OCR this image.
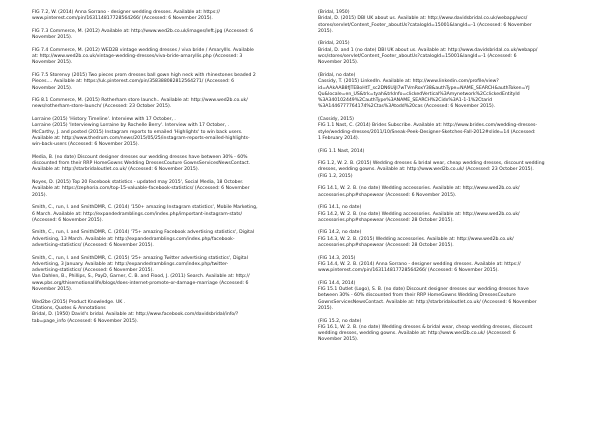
FIG 7.2, W. (2014) Anna Sorrano - designer wedding dresses. Available at: https://
www.pinterest.com/pin/163114817728564266/ (Accessed: 6 November 2015).

FIG 7.3 Commerce, M. (2012) Available at: http://www.wed2b.co.uk/images/left.jpg (Accessed: 6
November 2015).

FIG 7.4 Commerce, M. (2012) WED2B vintage wedding dresses / viva bride / AmaryllIs. Available
at: http://www.wed2b.co.uk/vintage-wedding-dresses/viva-bride-amaryllis.php (Accessed: 3
November 2015).

FIG 7.5 Storenvy (2015) Two pieces prom dresses ball gown high neck with rhinestones beaded 2
Pieces.... Available at: https://uk.pinterest.com/pin/358388082812564271/ (Accessed: 6
November 2015).

FIG 8.1 Commerce, M. (2015) Rotherham store launch.. Available at: http://www.wed2b.co.uk/
news/rotherham-store-launch/ (Accessed: 23 October 2015).

Lorraine (2015) 'History Timeline'. Interview with 17 October, .
Lorraine (2015) 'Interviewing Lorraine by Rochelle Berry'. Interview with 17 October, .
McCarthy, J. and posted (2015) Instagram reports to emailed 'Highlights' to win back users.
Available at: http://www.thedrum.com/news/2015/05/25/instagram-reports-emailed-highlights-
win-back-users (Accessed: 6 November 2015).

Media, B. (no date) Discount designer dresses our wedding dresses have between 30% - 60%
discounted from their RRP HomeGowns Wedding DressesCouture GownsServicesNewsContact.
Available at: http://starbridaloutlet.co.uk/ (Accessed: 6 November 2015).

Noyes, D. (2015) Top 20 Facebook statistics - updated may 2015', Social Media, 18 October.
Available at: https://zephoria.com/top-15-valuable-facebook-statistics/ (Accessed: 6 November
2015).

Smith, C., run, I. and SmithDMR, C. (2014) '150+ amazing Instagram statistics', Mobile Marketing,
6 March. Available at: http://expandedramblings.com/index.php/important-instagram-stats/
(Accessed: 6 November 2015).

Smith, C., run, I. and SmithDMR, C. (2014) '75+ amazing Facebook advertising statistics', Digital
Advertising, 13 March. Available at: http://expandedramblings.com/index.php/facebook-
advertising-statistics/ (Accessed: 6 November 2015).

Smith, C., run, I. and SmithDMR, C. (2015) '25+ amazing Twitter advertising statistics', Digital
Advertising, 3 January. Available at: http://expandedramblings.com/index.php/twitter-
advertising-statistics/ (Accessed: 6 November 2015).
Van Dahlen, B., Phillips, S., PayD, Garner, C. B. and Flood, J. (2011) Search. Available at: http://
www.pbs.org/thisemotionallife/blogs/does-internet-promote-or-damage-marriage (Accessed: 6
November 2015).

Wed2be (2015) Product Knowledge. UK .
Citations, Quotes & Annotations
Bridal, D. (1950) David's bridal. Available at: http://www.facebook.com/davidsbridal/info/?
tab=page_info (Accessed: 6 November 2015).

(Bridal, 1950)
Bridal, D. (2015) DBI UK about us. Available at: http://www.davidsbridal.co.uk/webapp/wcs/
stores/servlet/Content_Footer_aboutUs?catalogId=15001&langId=-1 (Accessed: 6 November
2015).

(Bridal, 2015)
Bridal, D. and 1 (no date) DBI UK about us. Available at: http://www.davidsbridal.co.uk/webapp/
wcs/stores/servlet/Content_Footer_aboutUs?catalogId=15001&langId=-1 (Accessed: 6
November 2015).

(Bridal, no date)
Cassidy, T. (2015) LinkedIn. Available at: http://www.linkedin.com/profile/view?
id=AAkAAB8fJTEBoHtT_sc2DN6UiJl7wTVmRoxY38&authType=NAME_SEARCH&authToken=YJ
Qu&locale=en_US&trk=tyah&trkInfo=clickedVertical%3Amynetwork%2CclickedEntityId
%3A340102449%2CauthType%3ANAME_SEARCH%2Cidx%3A1-1-1%2Ctarid
%3A1446777764174%2Ctas%3Atodd%20cas (Accessed: 6 November 2015).

(Cassidy, 2015)
FIG 1.1 Nast, C. (2014) Brides Subscribe. Available at: http://www.brides.com/wedding-dresses-
style/wedding-dresses/2011/10/Sneak-Peek-Designer-Sketches-Fall-2012#slide=14 (Accessed:
1 February 2014).

(FIG 1.1 Nast, 2014)

FIG 1.2, W. 2. B. (2015) Wedding dresses & bridal wear, cheap wedding dresses, discount wedding
dresses, wedding gowns. Available at: http://www.wed2b.co.uk/ (Accessed: 23 October 2015).
(FIG 1.2, 2015)

FIG 14.1, W. 2. B. (no date) Wedding accessories. Available at: http://www.wed2b.co.uk/
accessories.php#shapewear (Accessed: 6 November 2015).

(FIG 14.1, no date)
FIG 14.2, W. 2. B. (no date) Wedding accessories. Available at: http://www.wed2b.co.uk/
accessories.php#shapewear (Accessed: 28 October 2015).

(FIG 14.2, no date)
FIG 14.3, W. 2. B. (2015) Wedding accessories. Available at: http://www.wed2b.co.uk/
accessories.php#shapewear (Accessed: 28 October 2015).

(FIG 14.3, 2015)
FIG 14.4, W. 2. B. (2014) Anna Sorrano - designer wedding dresses. Available at: https://
www.pinterest.com/pin/163114817728564266/ (Accessed: 6 November 2015).

(FIG 14.4, 2014)
FIG 15.1 Outlet (Logo), S. B. (no date) Discount designer dresses our wedding dresses have
between 30% - 60% discounted from their RRP HomeGowns Wedding DressesCouture
GownsServicesNewsContact. Available at: http://starbridaloutlet.co.uk/ (Accessed: 6 November
2015).

(FIG 15.2, no date)
FIG 16.1, W. 2. B. (no date) Wedding dresses & bridal wear, cheap wedding dresses, discount
wedding dresses, wedding gowns. Available at: http://www.wed2b.co.uk/ (Accessed: 6
November 2015).
